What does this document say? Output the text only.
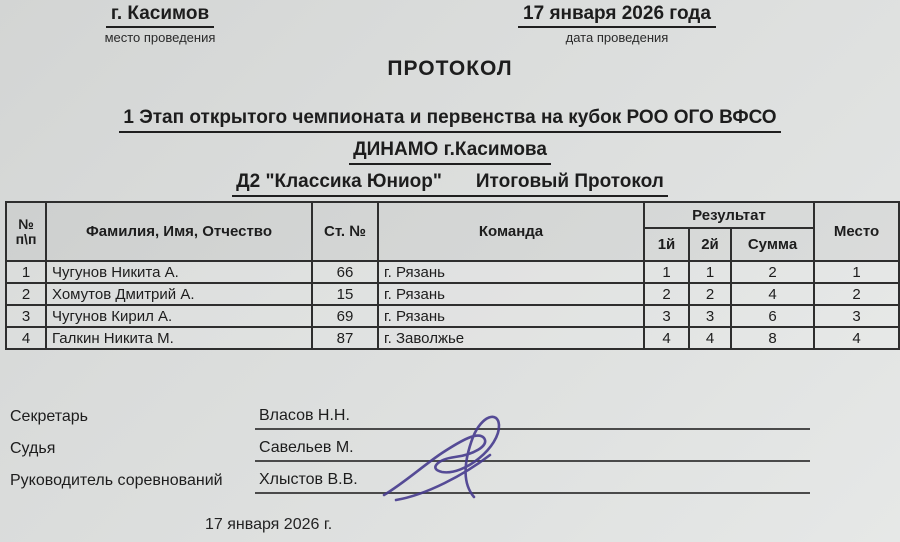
г. Касимов
место проведения
17 января 2026 года
дата проведения
ПРОТОКОЛ
1 Этап открытого чемпионата и первенства на кубок РОО ОГО ВФСО
ДИНАМО г.Касимова
Д2 "Классика Юниор" Итоговый Протокол
№
п\п	Фамилия, Имя, Отчество	Ст. №	Команда	Результат			Место
				1й	2й	Сумма	
1	Чугунов Никита А.	66	г. Рязань	1	1	2	1
2	Хомутов Дмитрий А.	15	г. Рязань	2	2	4	2
3	Чугунов Кирил А.	69	г. Рязань	3	3	6	3
4	Галкин Никита М.	87	г. Заволжье	4	4	8	4
Секретарь	Власов Н.Н.
Судья	Савельев М.
Руководитель соревнований	Хлыстов В.В.
17 января 2026 г.
